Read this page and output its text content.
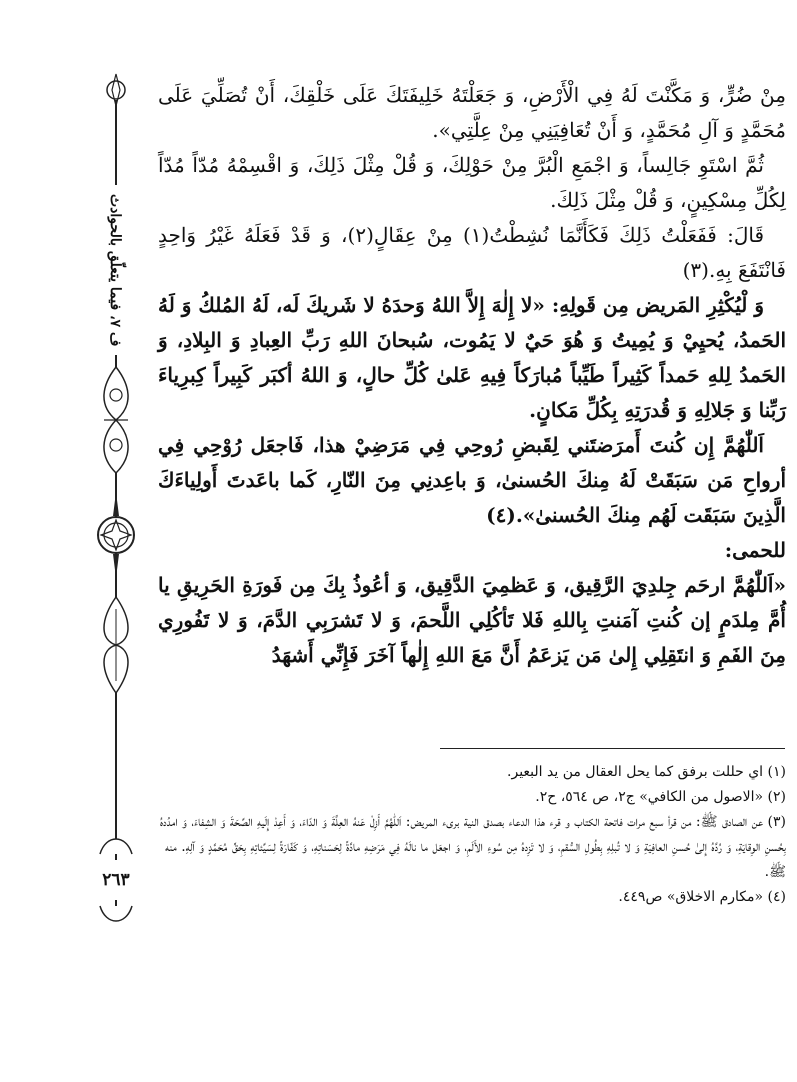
ف ٧، فيما يتعلّق بالحوادث
٢٦٣

مِنْ ضُرٍّ، وَ مَكَّنْتَ لَهُ فِي الْأَرْضِ، وَ جَعَلْتَهُ خَلِيفَتَكَ عَلَى خَلْقِكَ، أَنْ تُصَلِّيَ عَلَى مُحَمَّدٍ وَ آلِ مُحَمَّدٍ، وَ أَنْ تُعَافِيَنِي مِنْ عِلَّتِي».

ثُمَّ اسْتَوِ جَالِساً، وَ اجْمَعِ الْبُرَّ مِنْ حَوْلِكَ، وَ قُلْ مِثْلَ ذَلِكَ، وَ اقْسِمْهُ مُدّاً مُدّاً لِكُلِّ مِسْكِينٍ، وَ قُلْ مِثْلَ ذَلِكَ.

قَالَ: فَفَعَلْتُ ذَلِكَ فَكَأَنَّمَا نُشِطْتُ(١) مِنْ عِقَالٍ(٢)، وَ قَدْ فَعَلَهُ غَيْرُ وَاحِدٍ فَانْتَفَعَ بِهِ.(٣)

وَ لْيُكْثِرِ المَريض مِن قَولِهِ: «لا إِلٰهَ إِلاَّ اللهُ وَحدَهُ لا شَريكَ لَه، لَهُ المُلكُ وَ لَهُ الحَمدُ، يُحيِيْ وَ يُمِيتُ وَ هُوَ حَيٌ لا يَمُوت، سُبحانَ اللهِ رَبِّ العِبادِ وَ البِلادِ، وَ الحَمدُ لِلهِ حَمداً كَثِيراً طَيِّباً مُبارَكاً فِيهِ عَلىٰ كُلِّ حالٍ، وَ اللهُ أكبَر كَبِيراً كِبرِياءَ رَبِّنا وَ جَلالِهِ وَ قُدرَتِهِ بِكُلِّ مَكانٍ.

اَللّٰهُمَّ إِن كُنتَ أَمرَضتَني لِقَبضِ رُوحِي فِي مَرَضِيْ هذا، فَاجعَل رُوْحِي فِي أرواحِ مَن سَبَقَتْ لَهُ مِنكَ الحُسنىٰ، وَ باعِدنِي مِنَ النّارِ، كَما باعَدتَ أَولِياءَكَ الَّذِينَ سَبَقَت لَهُم مِنكَ الحُسنىٰ».(٤)

للحمى:

«اَللّٰهُمَّ ارحَم جِلدِيَ الرَّقِيق، وَ عَظمِيَ الدَّقِيق، وَ أعُوذُ بِكَ مِن فَورَةِ الحَرِيقِ يا أُمَّ مِلدَمٍ إن كُنتِ آمَنتِ بِاللهِ فَلا تَأكُلِي اللَّحمَ، وَ لا تَشرَبِي الدَّمَ، وَ لا تَفُورِي مِنَ الفَمِ وَ انتَقِلِي إِلىٰ مَن يَزعَمُ أَنَّ مَعَ اللهِ إِلٰهاً آخَرَ فَإِنِّي أَشهَدُ

(١) اي حللت برفق كما يحل العقال من يد البعير.

(٢) «الاصول من الكافي» ج٢، ص ٥٦٤، ح٢.

(٣) عن الصادق ﷺ: من قرأ سبع مرات فاتحة الكتاب و قرء هذا الدعاء بصدق النية برىء المريض: اَللّٰهُمَّ أَزِلْ عَنهُ العِلَّةَ وَ الدّاءَ، وَ أَعِدْ إِلَيهِ الصِّحَةَ وَ الشِفاءَ، وَ امدُدهُ بِحُسنِ الوِقايَةِ، وَ رُدَّهُ إِلىٰ حُسنِ العافِيَةِ وَ لا تُبلِهِ بِطُولِ السُّقمِ، وَ لا تَزِدهُ مِن سُوءِ الأَلَمِ، وَ اجعَل ما نالَهُ فِي مَرَضِهِ مادَّةً لِحَسَناتِهِ، وَ كَفّارَةً لِسَيِّئاتِهِ بِحَقِّ مُحَمَّدٍ وَ آلِهِ. منه ﷺ.

(٤) «مكارم الاخلاق» ص٤٤٩.
